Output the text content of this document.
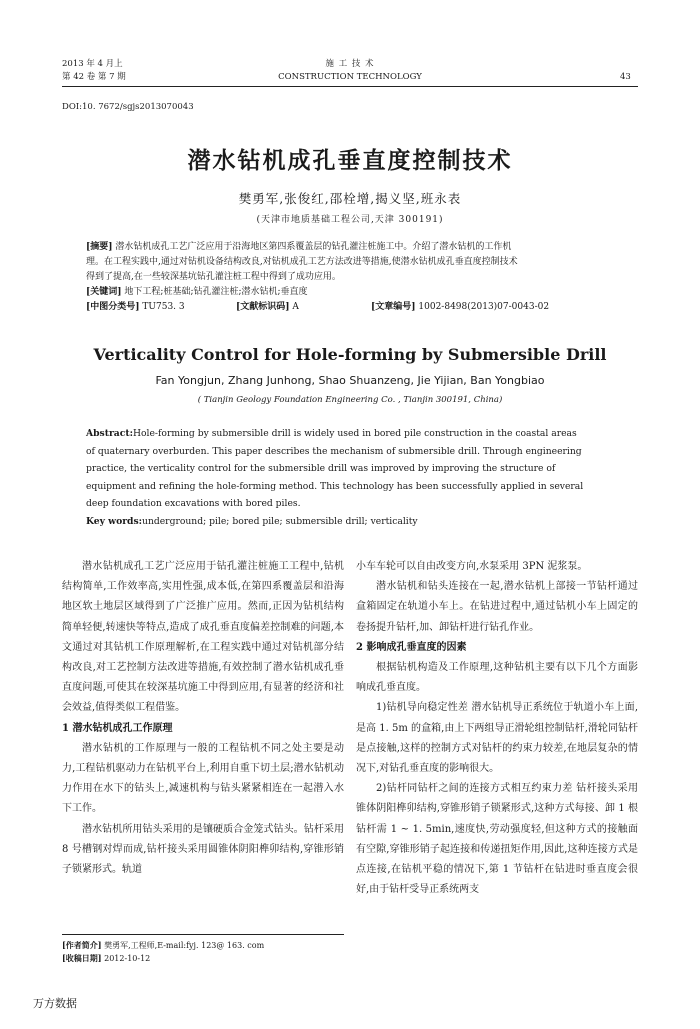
2013 年 4 月上
第 42 卷 第 7 期
施 工 技 术
CONSTRUCTION TECHNOLOGY	43
DOI:10. 7672/sgjs2013070043
潜水钻机成孔垂直度控制技术
樊勇军,张俊红,邵栓增,揭义坚,班永表
(天津市地质基础工程公司,天津 300191)
[摘要] 潜水钻机成孔工艺广泛应用于沿海地区第四系覆盖层的钻孔灌注桩施工中。介绍了潜水钻机的工作机
理。在工程实践中,通过对钻机设备结构改良,对钻机成孔工艺方法改进等措施,使潜水钻机成孔垂直度控制技术
得到了提高,在一些较深基坑钻孔灌注桩工程中得到了成功应用。
[关键词] 地下工程;桩基础;钻孔灌注桩;潜水钻机;垂直度
[中图分类号] TU753. 3	[文献标识码] A	[文章编号] 1002-8498(2013)07-0043-02
Verticality Control for Hole-forming by Submersible Drill
Fan Yongjun, Zhang Junhong, Shao Shuanzeng, Jie Yijian, Ban Yongbiao
( Tianjin Geology Foundation Engineering Co. , Tianjin 300191, China)
Abstract:Hole-forming by submersible drill is widely used in bored pile construction in the coastal areas
of quaternary overburden. This paper describes the mechanism of submersible drill. Through engineering
practice, the verticality control for the submersible drill was improved by improving the structure of
equipment and refining the hole-forming method. This technology has been successfully applied in several
deep foundation excavations with bored piles.
Key words:underground; pile; bored pile; submersible drill; verticality

潜水钻机成孔工艺广泛应用于钻孔灌注桩施工工程中,钻机结构简单,工作效率高,实用性强,成本低,在第四系覆盖层和沿海地区软土地层区域得到了广泛推广应用。然而,正因为钻机结构简单轻便,转速快等特点,造成了成孔垂直度偏差控制难的问题,本文通过对其钻机工作原理解析,在工程实践中通过对钻机部分结构改良,对工艺控制方法改进等措施,有效控制了潜水钻机成孔垂直度问题,可使其在较深基坑施工中得到应用,有显著的经济和社会效益,值得类似工程借鉴。

1 潜水钻机成孔工作原理

潜水钻机的工作原理与一般的工程钻机不同之处主要是动力,工程钻机驱动力在钻机平台上,利用自重下切土层;潜水钻机动力作用在水下的钻头上,减速机构与钻头紧紧相连在一起潜入水下工作。

潜水钻机所用钻头采用的是镶硬质合金笼式钻头。钻杆采用 8 号槽钢对焊而成,钻杆接头采用圆锥体阴阳榫卯结构,穿锥形销子锁紧形式。轨道

[作者简介] 樊勇军,工程师,E-mail:fyj. 123@ 163. com
[收稿日期] 2012-10-12

小车车轮可以自由改变方向,水泵采用 3PN 泥浆泵。

潜水钻机和钻头连接在一起,潜水钻机上部接一节钻杆通过盒箱固定在轨道小车上。在钻进过程中,通过钻机小车上固定的卷扬提升钻杆,加、卸钻杆进行钻孔作业。

2 影响成孔垂直度的因素

根据钻机构造及工作原理,这种钻机主要有以下几个方面影响成孔垂直度。

1)钻机导向稳定性差 潜水钻机导正系统位于轨道小车上面,是高 1. 5m 的盒箱,由上下两组导正滑轮组控制钻杆,滑轮同钻杆是点接触,这样的控制方式对钻杆的约束力较差,在地层复杂的情况下,对钻孔垂直度的影响很大。

2)钻杆同钻杆之间的连接方式相互约束力差 钻杆接头采用锥体阴阳榫卯结构,穿锥形销子锁紧形式,这种方式每接、卸 1 根钻杆需 1 ~ 1. 5min,速度快,劳动强度轻,但这种方式的接触面有空隙,穿锥形销子起连接和传递扭矩作用,因此,这种连接方式是点连接,在钻机平稳的情况下,第 1 节钻杆在钻进时垂直度会很好,由于钻杆受导正系统两支

万方数据
